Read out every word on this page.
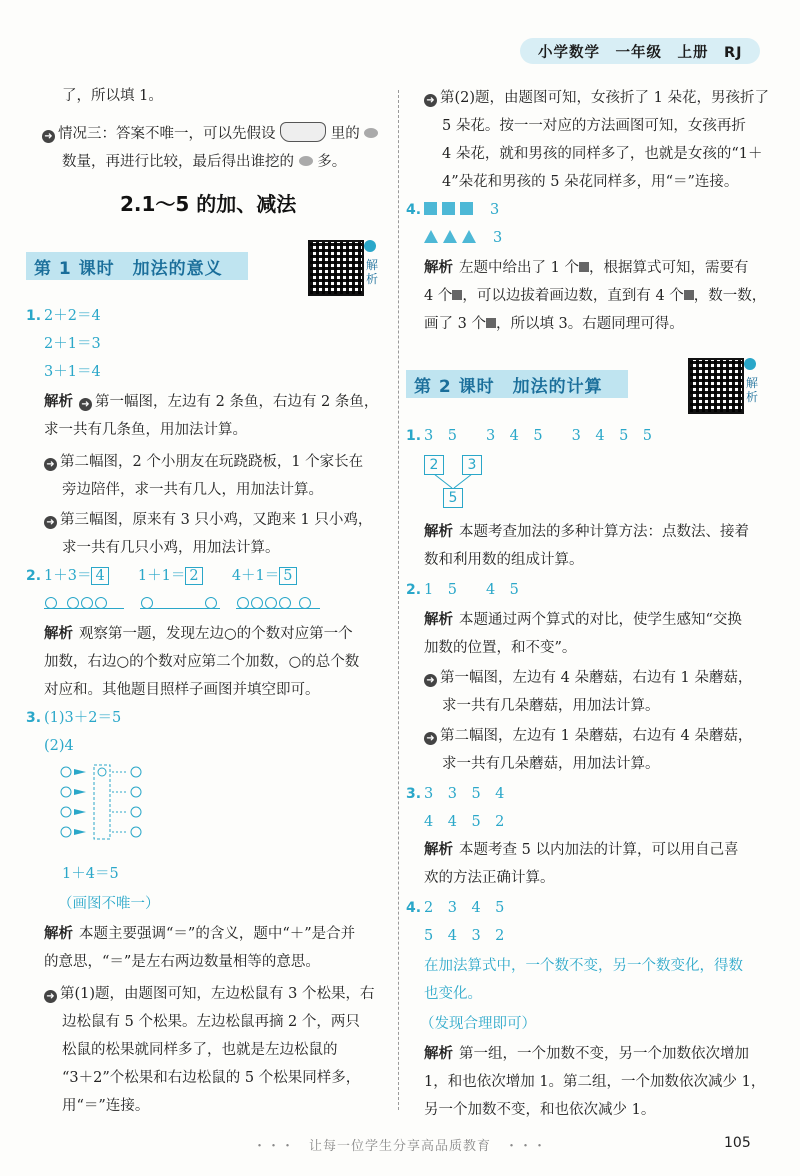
小学数学　一年级　上册　RJ
了，所以填 1。
➜ 情况三：答案不唯一，可以先假设	里的
数量，再进行比较，最后得出谁挖的 多。
2.1～5 的加、减法
第 1 课时　加法的意义	解析
1. 2＋2＝4
2＋1＝3
3＋1＝4
解析 ➜ 第一幅图，左边有 2 条鱼，右边有 2 条鱼，
求一共有几条鱼，用加法计算。
➜ 第二幅图，2 个小朋友在玩跷跷板，1 个家长在
旁边陪伴，求一共有几人，用加法计算。
➜ 第三幅图，原来有 3 只小鸡，又跑来 1 只小鸡，
求一共有几只小鸡，用加法计算。
2. 1＋3＝ 4 1＋1＝ 2 4＋1＝ 5
解析 观察第一题，发现左边○的个数对应第一个
加数，右边○的个数对应第二个加数，○的总个数
对应和。其他题目照样子画图并填空即可。
3. (1)3＋2＝5
(2)4
1＋4＝5
（画图不唯一）
解析 本题主要强调“＝”的含义，题中“＋”是合并
的意思，“＝”是左右两边数量相等的意思。
➜ 第(1)题，由题图可知，左边松鼠有 3 个松果，右
边松鼠有 5 个松果。左边松鼠再摘 2 个，两只
松鼠的松果就同样多了，也就是左边松鼠的
“3＋2”个松果和右边松鼠的 5 个松果同样多，
用“＝”连接。
➜ 第(2)题，由题图可知，女孩折了 1 朵花，男孩折了
5 朵花。按一一对应的方法画图可知，女孩再折
4 朵花，就和男孩的同样多了，也就是女孩的“1＋
4”朵花和男孩的 5 朵花同样多，用“＝”连接。
4.	3
3
解析 左题中给出了 1 个 ，根据算式可知，需要有
4 个 ，可以边拔着画边数，直到有 4 个 ，数一数，
画了 3 个 ，所以填 3。右题同理可得。
第 2 课时　加法的计算	解析
1. 3　5　　3　4　5　　3　4　5　5
2	3
5
解析 本题考查加法的多种计算方法：点数法、接着
数和利用数的组成计算。
2. 1　5　　4　5
解析 本题通过两个算式的对比，使学生感知“交换
加数的位置，和不变”。
➜ 第一幅图，左边有 4 朵蘑菇，右边有 1 朵蘑菇，
求一共有几朵蘑菇，用加法计算。
➜ 第二幅图，左边有 1 朵蘑菇，右边有 4 朵蘑菇，
求一共有几朵蘑菇，用加法计算。
3. 3　3　5　4
4　4　5　2
解析 本题考查 5 以内加法的计算，可以用自己喜
欢的方法正确计算。
4. 2　3　4　5
5　4　3　2
在加法算式中，一个数不变，另一个数变化，得数
也变化。
（发现合理即可）
解析 第一组，一个加数不变，另一个加数依次增加
1，和也依次增加 1。第二组，一个加数依次减少 1，
另一个加数不变，和也依次减少 1。
・・・　让每一位学生分享高品质教育　・・・	105
